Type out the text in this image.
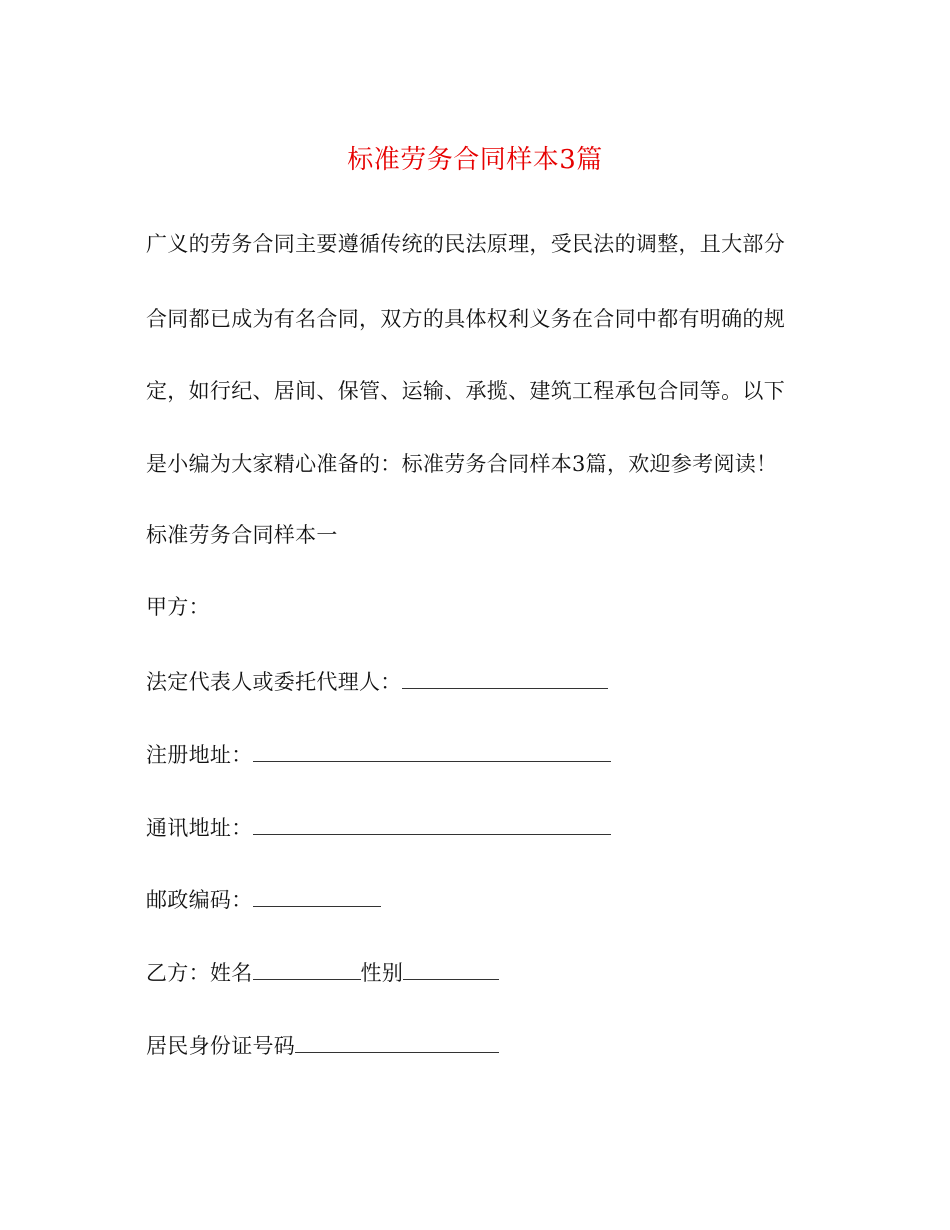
标准劳务合同样本3篇
广义的劳务合同主要遵循传统的民法原理，受民法的调整，且大部分
合同都已成为有名合同，双方的具体权利义务在合同中都有明确的规
定，如行纪、居间、保管、运输、承揽、建筑工程承包合同等。以下
是小编为大家精心准备的：标准劳务合同样本3篇，欢迎参考阅读！
标准劳务合同样本一
甲方：
法定代表人或委托代理人：
注册地址：
通讯地址：
邮政编码：
乙方：姓名	性别
居民身份证号码
